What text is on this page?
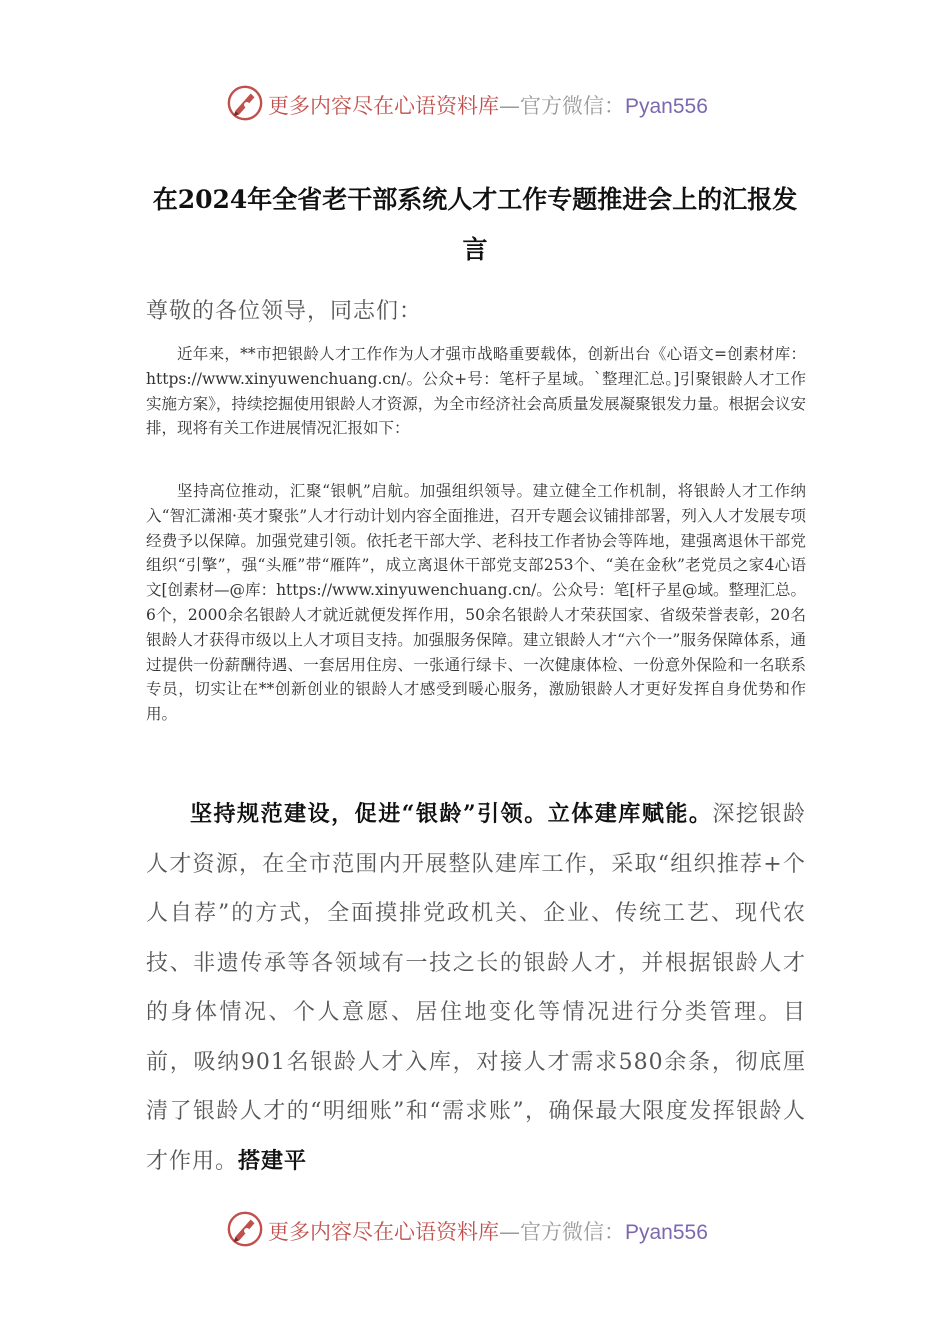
更多内容尽在心语资料库—官方微信：Pyan556
在2024年全省老干部系统人才工作专题推进会上的汇报发
言
尊敬的各位领导，同志们：
近年来，**市把银龄人才工作作为人才强市战略重要载体，创新出台《心语文=创素材库：https://www.xinyuwenchuang.cn/。公众+号：笔杆子星域。`整理汇总。]引聚银龄人才工作实施方案》，持续挖掘使用银龄人才资源，为全市经济社会高质量发展凝聚银发力量。根据会议安排，现将有关工作进展情况汇报如下：
坚持高位推动，汇聚“银帆”启航。加强组织领导。建立健全工作机制，将银龄人才工作纳入“智汇潇湘·英才聚张”人才行动计划内容全面推进，召开专题会议铺排部署，列入人才发展专项经费予以保障。加强党建引领。依托老干部大学、老科技工作者协会等阵地，建强离退休干部党组织“引擎”，强“头雁”带“雁阵”，成立离退休干部党支部253个、“美在金秋”老党员之家4心语文[创素材—@库：https://www.xinyuwenchuang.cn/。公众号：笔[杆子星@域。整理汇总。6个，2000余名银龄人才就近就便发挥作用，50余名银龄人才荣获国家、省级荣誉表彰，20名银龄人才获得市级以上人才项目支持。加强服务保障。建立银龄人才“六个一”服务保障体系，通过提供一份薪酬待遇、一套居用住房、一张通行绿卡、一次健康体检、一份意外保险和一名联系专员，切实让在**创新创业的银龄人才感受到暖心服务，激励银龄人才更好发挥自身优势和作用。
坚持规范建设，促进“银龄”引领。立体建库赋能。深挖银龄人才资源，在全市范围内开展整队建库工作，采取“组织推荐+个人自荐”的方式，全面摸排党政机关、企业、传统工艺、现代农技、非遗传承等各领域有一技之长的银龄人才，并根据银龄人才的身体情况、个人意愿、居住地变化等情况进行分类管理。目前，吸纳901名银龄人才入库，对接人才需求580余条，彻底厘清了银龄人才的“明细账”和“需求账”，确保最大限度发挥银龄人才作用。搭建平
更多内容尽在心语资料库—官方微信：Pyan556
